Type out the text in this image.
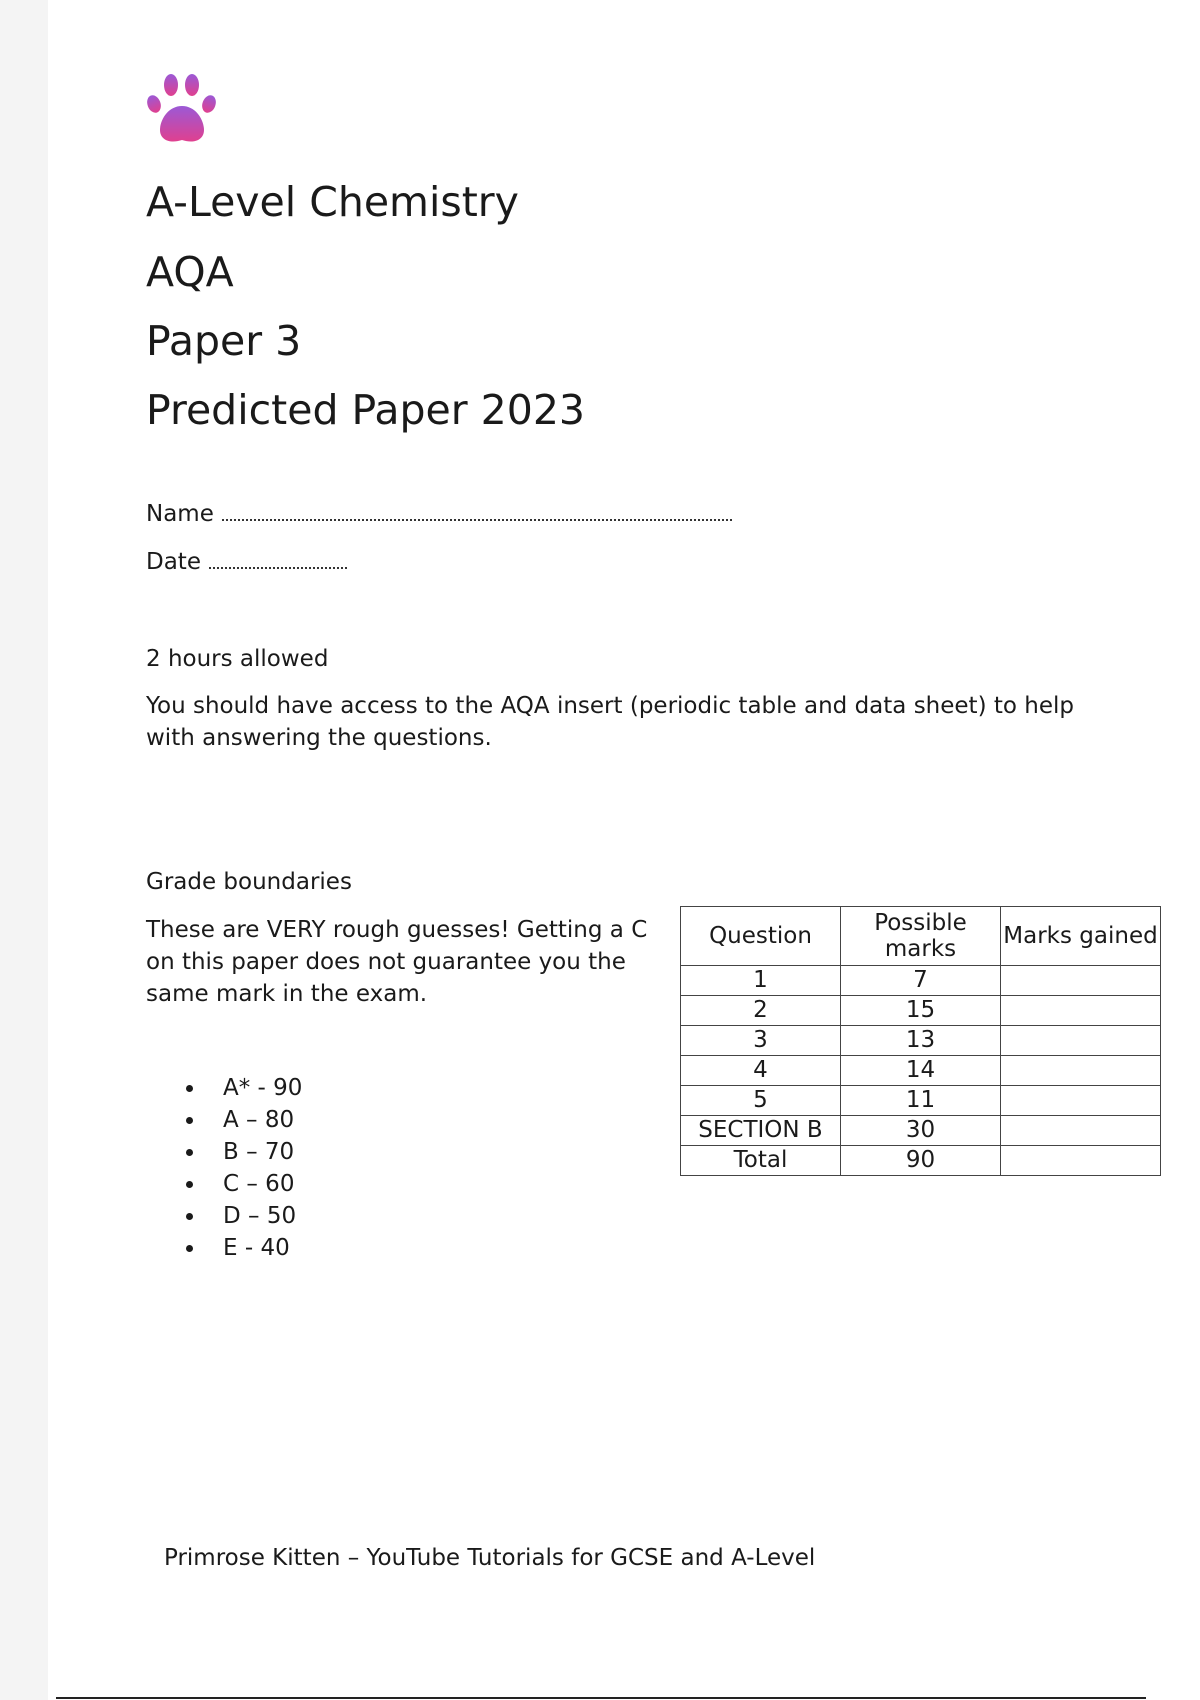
A-Level Chemistry
AQA
Paper 3
Predicted Paper 2023
Name
Date
2 hours allowed
You should have access to the AQA insert (periodic table and data sheet) to help with answering the questions.
Grade boundaries
These are VERY rough guesses! Getting a C on this paper does not guarantee you the same mark in the exam.
A* - 90
A – 80
B – 70
C – 60
D – 50
E - 40
Question	Possible marks	Marks gained
1	7	
2	15	
3	13	
4	14	
5	11	
SECTION B	30	
Total	90	
Primrose Kitten – YouTube Tutorials for GCSE and A-Level
